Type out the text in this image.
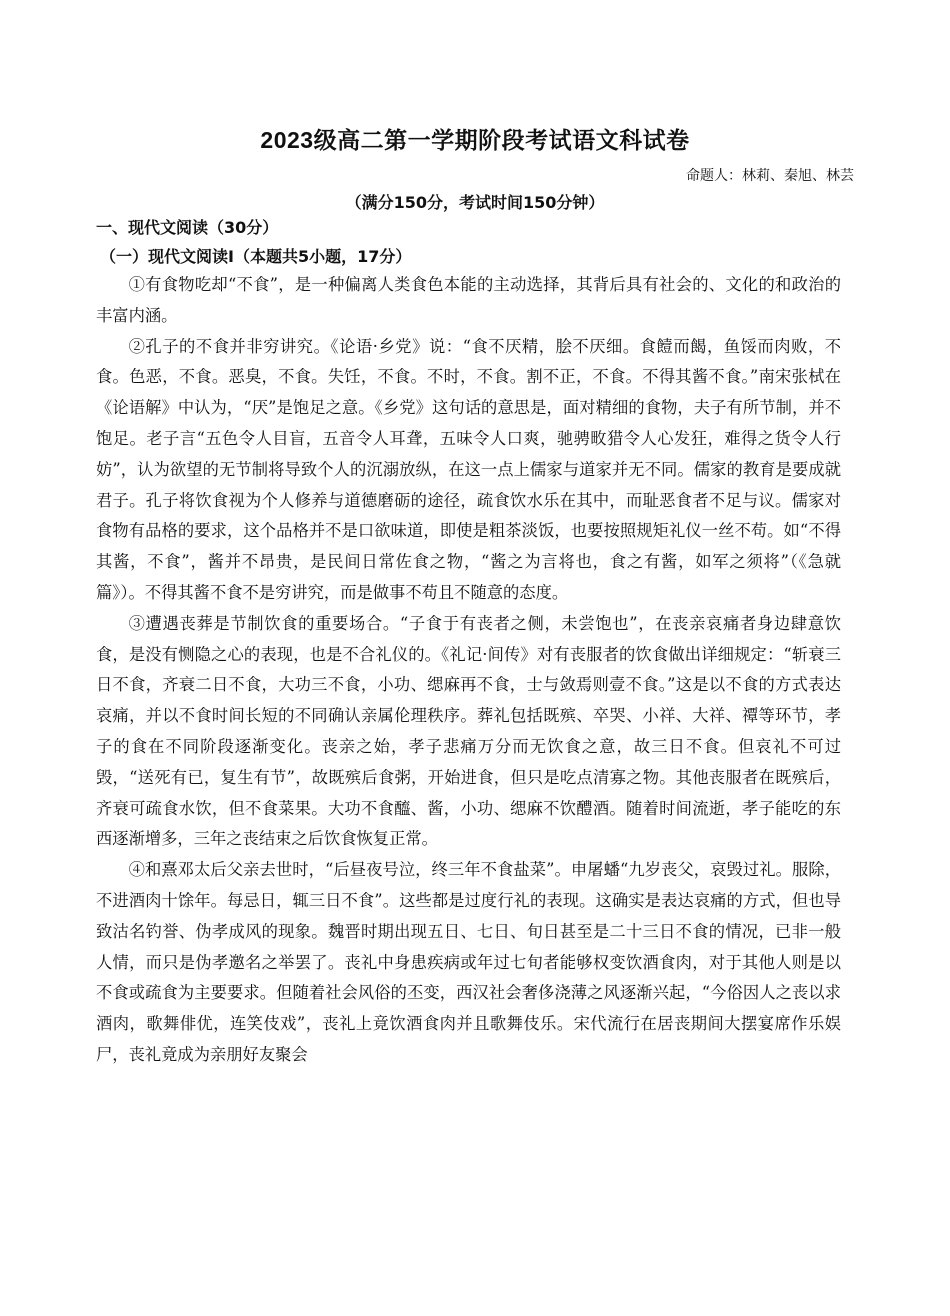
2023级高二第一学期阶段考试语文科试卷
命题人：林莉、秦旭、林芸
（满分150分，考试时间150分钟）
一、现代文阅读（30分）
（一）现代文阅读Ⅰ（本题共5小题，17分）

①有食物吃却“不食”，是一种偏离人类食色本能的主动选择，其背后具有社会的、文化的和政治的丰富内涵。

②孔子的不食并非穷讲究。《论语·乡党》说：“食不厌精，脍不厌细。食饐而餲，鱼馁而肉败，不食。色恶，不食。恶臭，不食。失饪，不食。不时，不食。割不正，不食。不得其酱不食。”南宋张栻在《论语解》中认为，“厌”是饱足之意。《乡党》这句话的意思是，面对精细的食物，夫子有所节制，并不饱足。老子言“五色令人目盲，五音令人耳聋，五味令人口爽，驰骋畋猎令人心发狂，难得之货令人行妨”，认为欲望的无节制将导致个人的沉溺放纵，在这一点上儒家与道家并无不同。儒家的教育是要成就君子。孔子将饮食视为个人修养与道德磨砺的途径，疏食饮水乐在其中，而耻恶食者不足与议。儒家对食物有品格的要求，这个品格并不是口欲味道，即使是粗茶淡饭，也要按照规矩礼仪一丝不苟。如“不得其酱，不食”，酱并不昂贵，是民间日常佐食之物，“酱之为言将也，食之有酱，如军之须将”（《急就篇》）。不得其酱不食不是穷讲究，而是做事不苟且不随意的态度。

③遭遇丧葬是节制饮食的重要场合。“子食于有丧者之侧，未尝饱也”，在丧亲哀痛者身边肆意饮食，是没有恻隐之心的表现，也是不合礼仪的。《礼记·间传》对有丧服者的饮食做出详细规定：“斩衰三日不食，齐衰二日不食，大功三不食，小功、缌麻再不食，士与敛焉则壹不食。”这是以不食的方式表达哀痛，并以不食时间长短的不同确认亲属伦理秩序。葬礼包括既殡、卒哭、小祥、大祥、禫等环节，孝子的食在不同阶段逐渐变化。丧亲之始，孝子悲痛万分而无饮食之意，故三日不食。但哀礼不可过毁，“送死有已，复生有节”，故既殡后食粥，开始进食，但只是吃点清寡之物。其他丧服者在既殡后，齐衰可疏食水饮，但不食菜果。大功不食醯、酱，小功、缌麻不饮醴酒。随着时间流逝，孝子能吃的东西逐渐增多，三年之丧结束之后饮食恢复正常。

④和熹邓太后父亲去世时，“后昼夜号泣，终三年不食盐菜”。申屠蟠“九岁丧父，哀毁过礼。服除，不进酒肉十馀年。每忌日，辄三日不食”。这些都是过度行礼的表现。这确实是表达哀痛的方式，但也导致沽名钓誉、伪孝成风的现象。魏晋时期出现五日、七日、旬日甚至是二十三日不食的情况，已非一般人情，而只是伪孝邀名之举罢了。丧礼中身患疾病或年过七旬者能够权变饮酒食肉，对于其他人则是以不食或疏食为主要要求。但随着社会风俗的丕变，西汉社会奢侈浇薄之风逐渐兴起，“今俗因人之丧以求酒肉，歌舞俳优，连笑伎戏”，丧礼上竟饮酒食肉并且歌舞伎乐。宋代流行在居丧期间大摆宴席作乐娱尸，丧礼竟成为亲朋好友聚会
